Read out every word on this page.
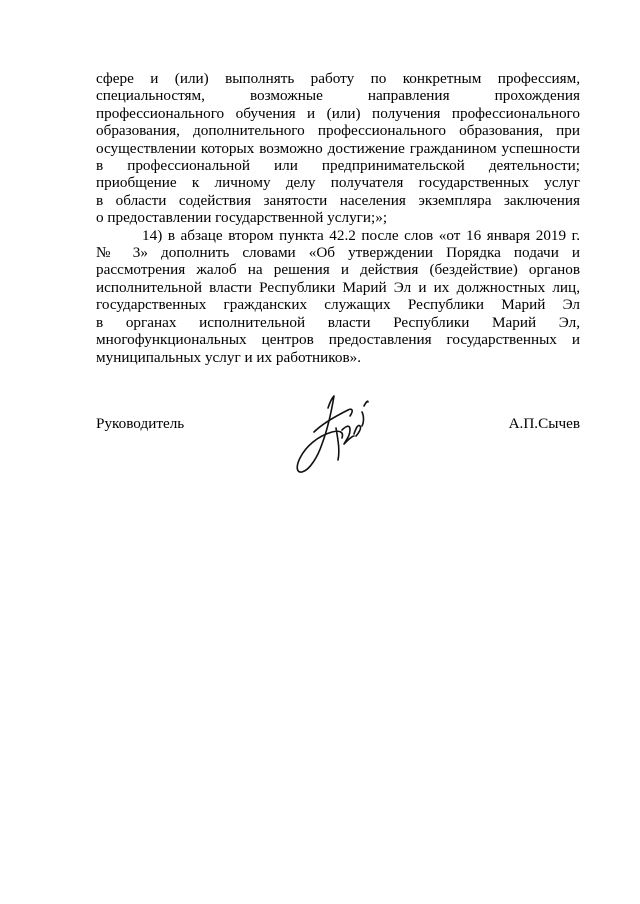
сфере и (или) выполнять работу по конкретным профессиям,
специальностям, возможные направления прохождения
профессионального обучения и (или) получения профессионального
образования, дополнительного профессионального образования, при
осуществлении которых возможно достижение гражданином успешности
в профессиональной или предпринимательской деятельности;
приобщение к личному делу получателя государственных услуг
в области содействия занятости населения экземпляра заключения
о предоставлении государственной услуги;»;
14) в абзаце втором пункта 42.2 после слов «от 16 января 2019 г.
№ 3» дополнить словами «Об утверждении Порядка подачи и
рассмотрения жалоб на решения и действия (бездействие) органов
исполнительной власти Республики Марий Эл и их должностных лиц,
государственных гражданских служащих Республики Марий Эл
в органах исполнительной власти Республики Марий Эл,
многофункциональных центров предоставления государственных и
муниципальных услуг и их работников».
Руководитель	А.П.Сычев
